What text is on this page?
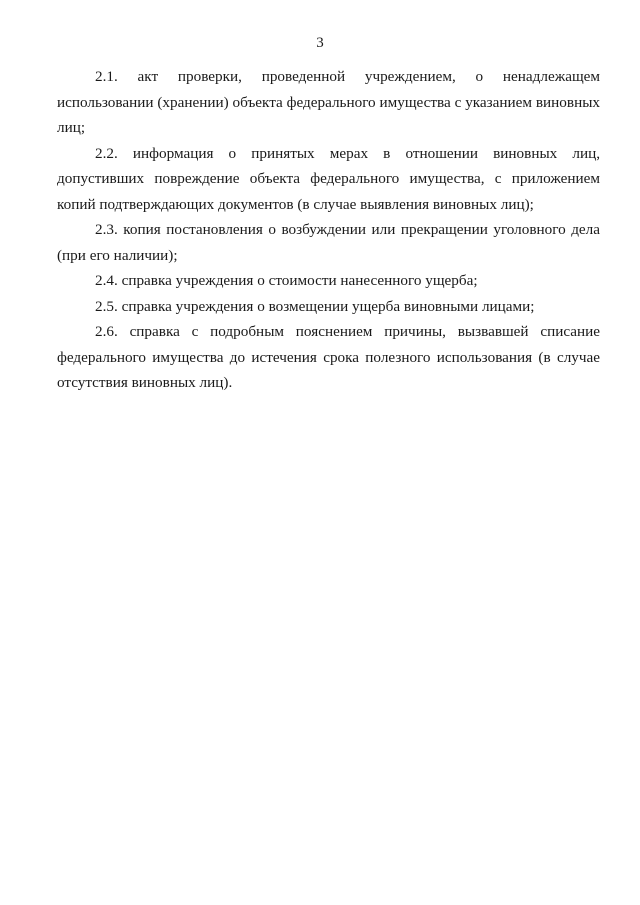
3

2.1. акт проверки, проведенной учреждением, о ненадлежащем использовании (хранении) объекта федерального имущества с указанием виновных лиц;

2.2. информация о принятых мерах в отношении виновных лиц, допустивших повреждение объекта федерального имущества, с приложением копий подтверждающих документов (в случае выявления виновных лиц);

2.3. копия постановления о возбуждении или прекращении уголовного дела (при его наличии);

2.4. справка учреждения о стоимости нанесенного ущерба;

2.5. справка учреждения о возмещении ущерба виновными лицами;

2.6. справка с подробным пояснением причины, вызвавшей списание федерального имущества до истечения срока полезного использования (в случае отсутствия виновных лиц).
